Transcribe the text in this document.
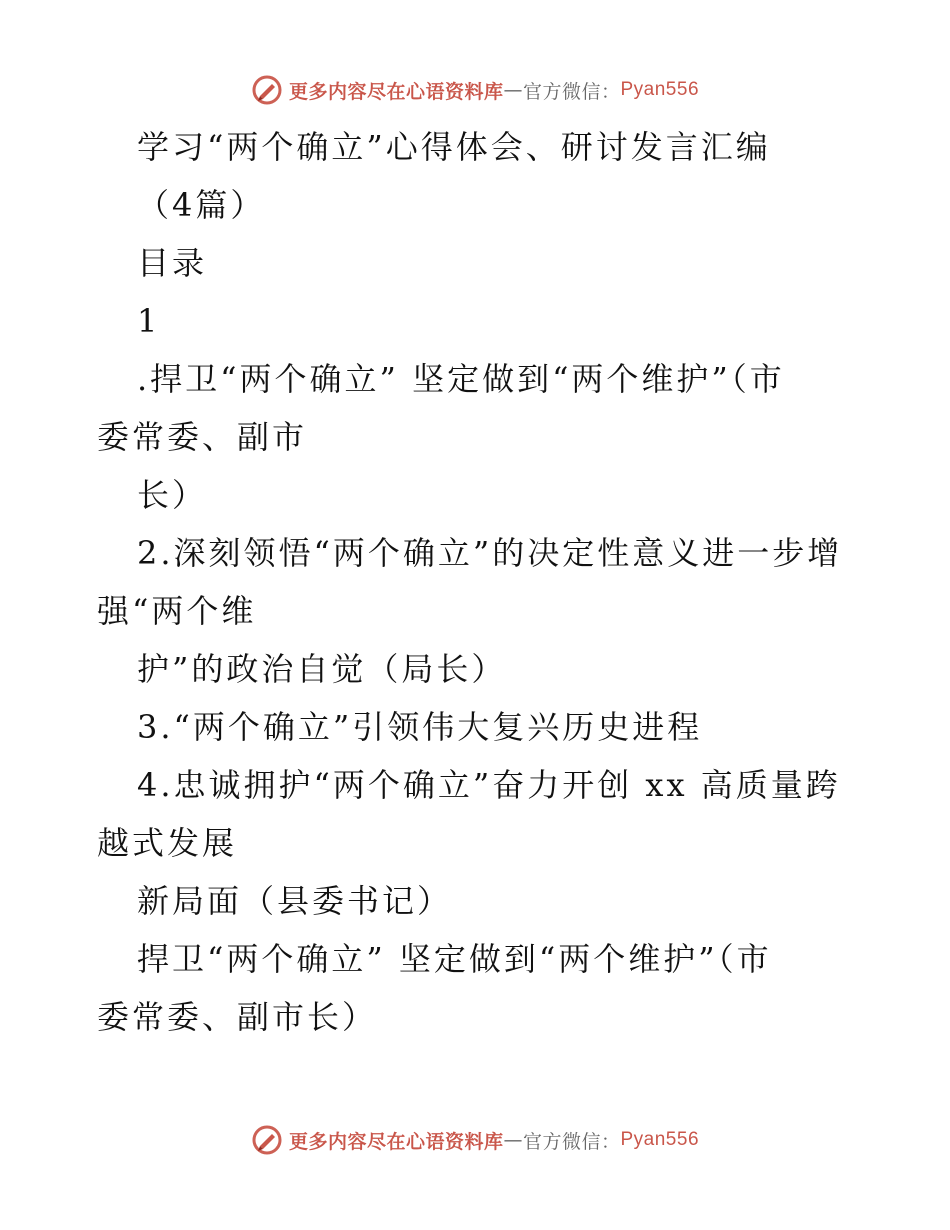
更多内容尽在心语资料库 — 官方微信： Pyan556
学习“两个确立”心得体会、研讨发言汇编
（4篇）
目录
1
.捍卫“两个确立” 坚定做到“两个维护”（市
委常委、副市
长）
2.深刻领悟“两个确立”的决定性意义进一步增
强“两个维
护”的政治自觉（局长）
3.“两个确立”引领伟大复兴历史进程
4.忠诚拥护“两个确立”奋力开创 xx 高质量跨
越式发展
新局面（县委书记）
捍卫“两个确立” 坚定做到“两个维护”（市
委常委、副市长）
更多内容尽在心语资料库 — 官方微信： Pyan556
